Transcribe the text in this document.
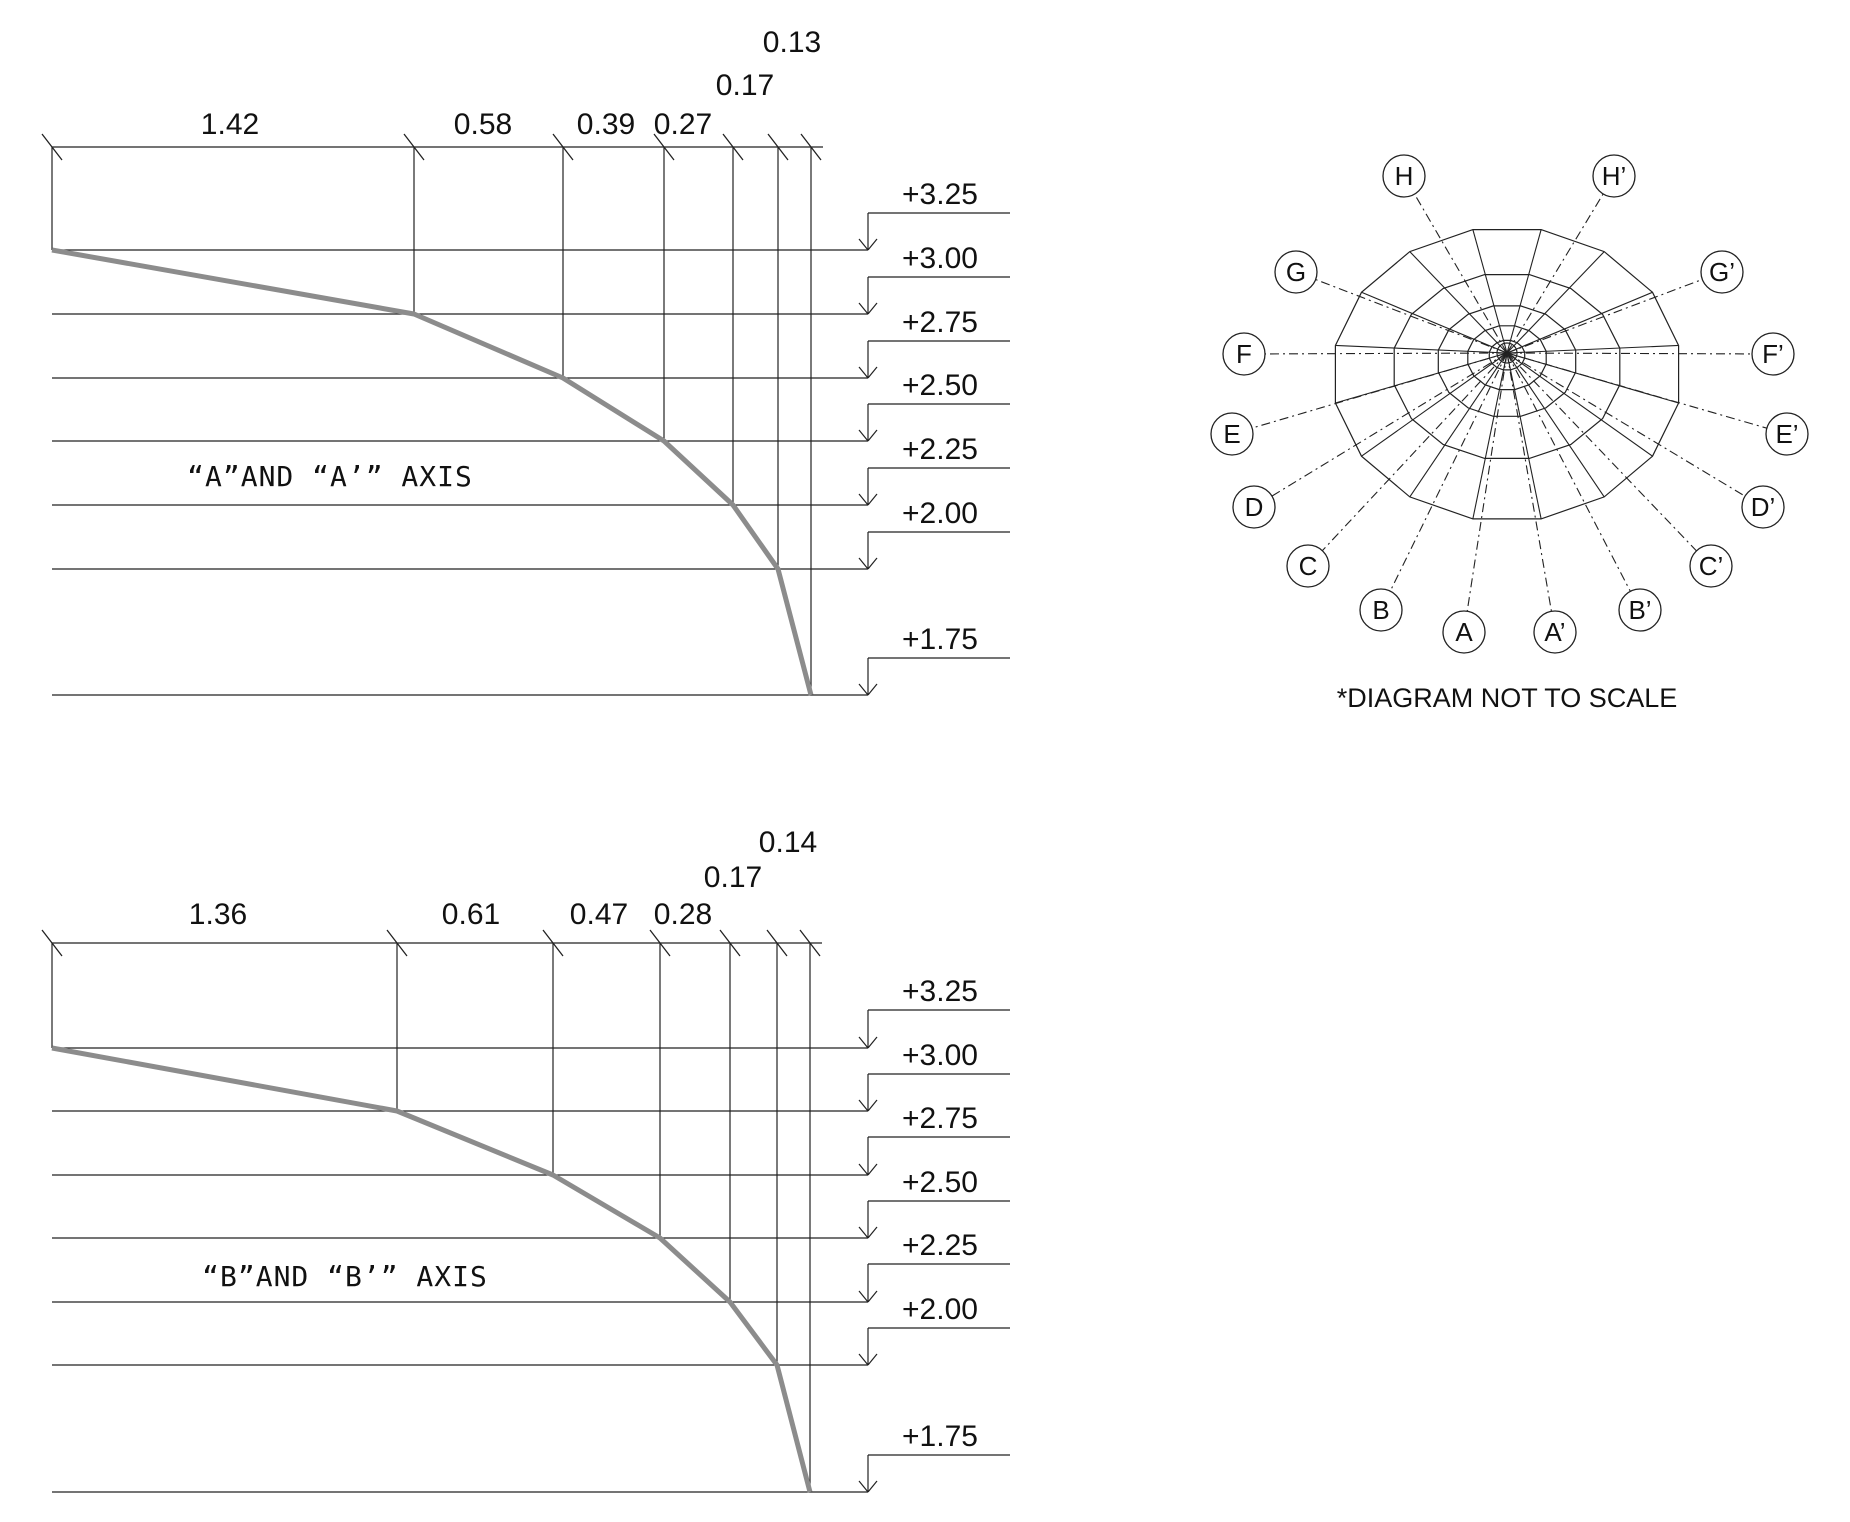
+3.25
+3.00
+2.75
+2.50
+2.25
+2.00
+1.75
1.42	0.58 0.39 0.27
0.17
0.13
“A”AND “A’” AXIS
+3.25
+3.00
+2.75
+2.50
+2.25
+2.00
+1.75
1.36	0.61 0.47 0.28
0.17
0.14
“B”AND “B’” AXIS
H	H’
G	G’
F	F’
E	E’
D	D’
C	C’
B	B’
A	A’
*DIAGRAM NOT TO SCALE
